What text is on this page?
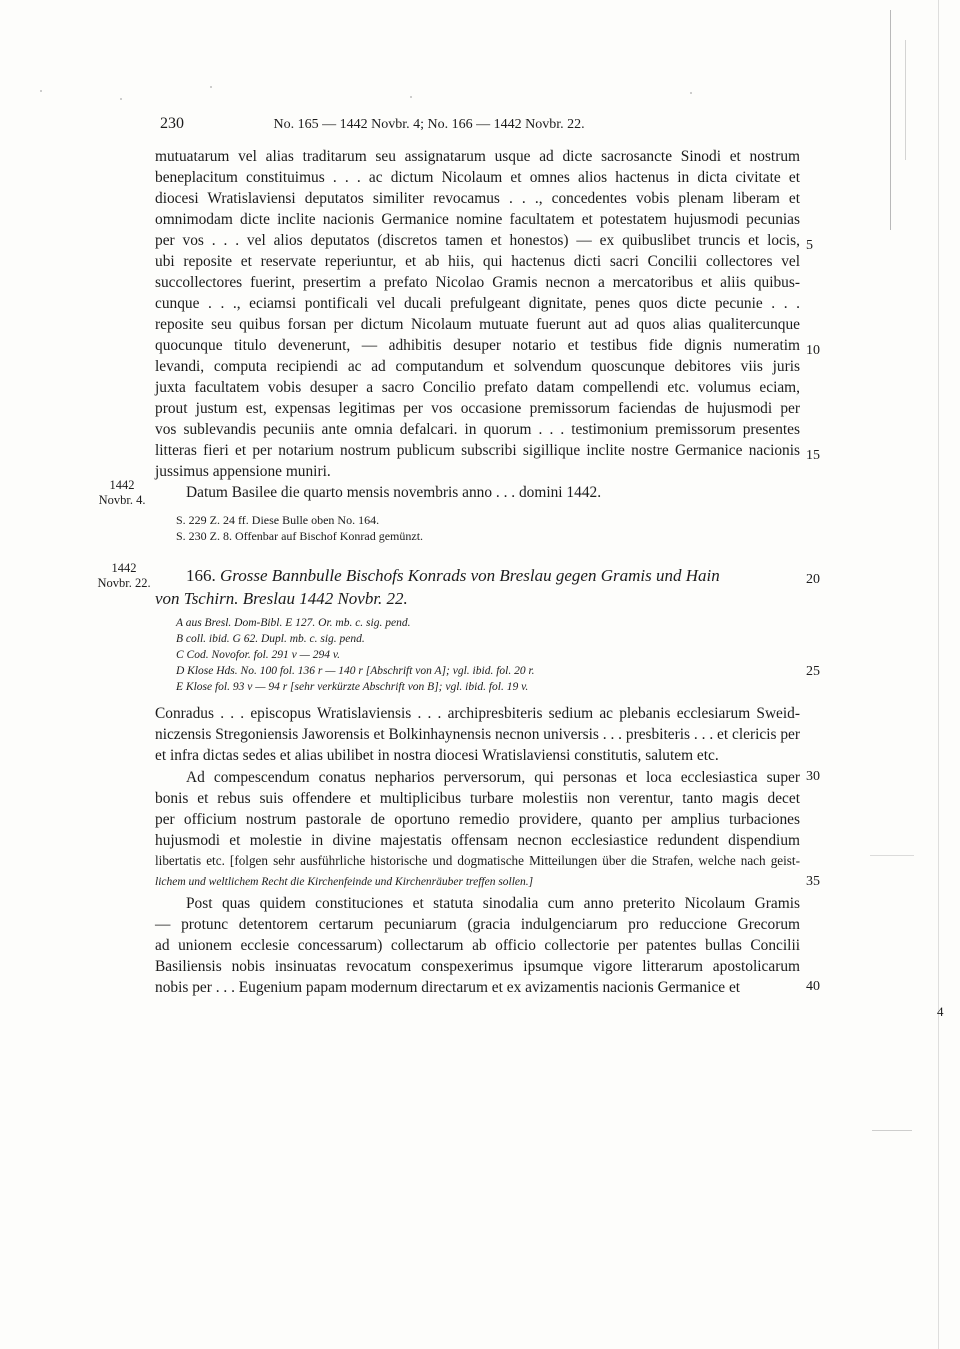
230	No. 165 — 1442 Novbr. 4; No. 166 — 1442 Novbr. 22.
mutuatarum vel alias traditarum seu assignatarum usque ad dicte sacrosancte Sinodi et nostrum
beneplacitum constituimus . . . ac dictum Nicolaum et omnes alios hactenus in dicta civitate et
diocesi Wratislaviensi deputatos similiter revocamus . . ., concedentes vobis plenam liberam et
omnimodam dicte inclite nacionis Germanice nomine facultatem et potestatem hujusmodi pecunias
per vos . . . vel alios deputatos (discretos tamen et honestos) — ex quibuslibet truncis et locis,
ubi reposite et reservate reperiuntur, et ab hiis, qui hactenus dicti sacri Concilii collectores vel
succollectores fuerint, presertim a prefato Nicolao Gramis necnon a mercatoribus et aliis quibus-
cunque . . ., eciamsi pontificali vel ducali prefulgeant dignitate, penes quos dicte pecunie . . .
reposite seu quibus forsan per dictum Nicolaum mutuate fuerunt aut ad quos alias qualitercunque
quocunque titulo devenerunt, — adhibitis desuper notario et testibus fide dignis numeratim
levandi, computa recipiendi ac ad computandum et solvendum quoscunque debitores viis juris
juxta facultatem vobis desuper a sacro Concilio prefato datam compellendi etc. volumus eciam,
prout justum est, expensas legitimas per vos occasione premissorum faciendas de hujusmodi per
vos sublevandis pecuniis ante omnia defalcari. in quorum . . . testimonium premissorum presentes
litteras fieri et per notarium nostrum publicum subscribi sigillique inclite nostre Germanice nacionis
jussimus appensione muniri.
5
10
15
20
25
30
35
40
1442
Novbr. 4.	Datum Basilee die quarto mensis novembris anno . . . domini 1442.
S. 229 Z. 24 ff. Diese Bulle oben No. 164.
S. 230 Z. 8. Offenbar auf Bischof Konrad gemünzt.
1442
Novbr. 22.	166. Grosse Bannbulle Bischofs Konrads von Breslau gegen Gramis und Hain
von Tschirn. Breslau 1442 Novbr. 22.
A aus Bresl. Dom-Bibl. E 127. Or. mb. c. sig. pend.
B coll. ibid. G 62. Dupl. mb. c. sig. pend.
C Cod. Novofor. fol. 291 v — 294 v.
D Klose Hds. No. 100 fol. 136 r — 140 r [Abschrift von A]; vgl. ibid. fol. 20 r.
E Klose fol. 93 v — 94 r [sehr verkürzte Abschrift von B]; vgl. ibid. fol. 19 v.
Conradus . . . episcopus Wratislaviensis . . . archipresbiteris sedium ac plebanis ecclesiarum Sweid-
niczensis Stregoniensis Jaworensis et Bolkinhaynensis necnon universis . . . presbiteris . . . et clericis per
et infra dictas sedes et alias ubilibet in nostra diocesi Wratislaviensi constitutis, salutem etc.
Ad compescendum conatus nepharios perversorum, qui personas et loca ecclesiastica super
bonis et rebus suis offendere et multiplicibus turbare molestiis non verentur, tanto magis decet
per officium nostrum pastorale de oportuno remedio providere, quanto per amplius turbaciones
hujusmodi et molestie in divine majestatis offensam necnon ecclesiastice redundent dispendium
libertatis etc. [folgen sehr ausführliche historische und dogmatische Mitteilungen über die Strafen, welche nach geist-
lichem und weltlichem Recht die Kirchenfeinde und Kirchenräuber treffen sollen.]
Post quas quidem constituciones et statuta sinodalia cum anno preterito Nicolaum Gramis
— protunc detentorem certarum pecuniarum (gracia indulgenciarum pro reduccione Grecorum
ad unionem ecclesie concessarum) collectarum ab officio collectorie per patentes bullas Concilii
Basiliensis nobis insinuatas revocatum conspexerimus ipsumque vigore litterarum apostolicarum
nobis per . . . Eugenium papam modernum directarum et ex avizamentis nacionis Germanice et
4
